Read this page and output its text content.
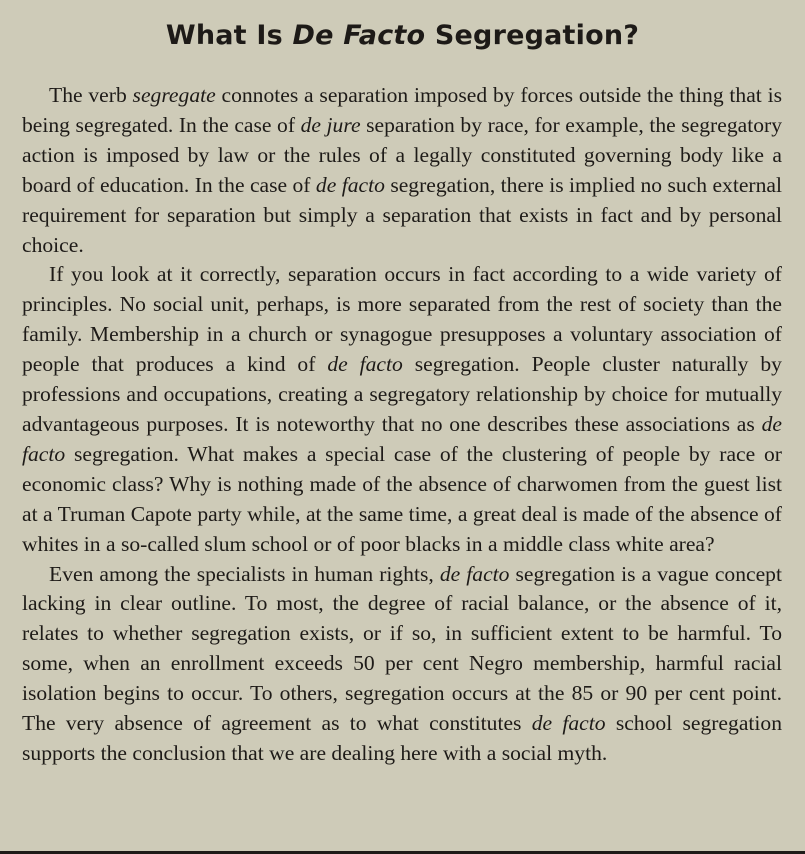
What Is De Facto Segregation?

The verb segregate connotes a separation imposed by forces outside the thing that is being segregated. In the case of de jure separation by race, for example, the segregatory action is imposed by law or the rules of a legally constituted governing body like a board of education. In the case of de facto segregation, there is implied no such external requirement for separation but simply a separation that exists in fact and by personal choice.

If you look at it correctly, separation occurs in fact according to a wide variety of principles. No social unit, perhaps, is more separated from the rest of society than the family. Membership in a church or synagogue presupposes a voluntary association of people that produces a kind of de facto segregation. People cluster naturally by professions and occupations, creating a segregatory relationship by choice for mutually advantageous purposes. It is noteworthy that no one describes these associations as de facto segregation. What makes a special case of the clustering of people by race or economic class? Why is nothing made of the absence of charwomen from the guest list at a Truman Capote party while, at the same time, a great deal is made of the absence of whites in a so-called slum school or of poor blacks in a middle class white area?

Even among the specialists in human rights, de facto segregation is a vague concept lacking in clear outline. To most, the degree of racial balance, or the absence of it, relates to whether segregation exists, or if so, in sufficient extent to be harmful. To some, when an enrollment exceeds 50 per cent Negro membership, harmful racial isolation begins to occur. To others, segregation occurs at the 85 or 90 per cent point. The very absence of agreement as to what constitutes de facto school segregation supports the conclusion that we are dealing here with a social myth.
